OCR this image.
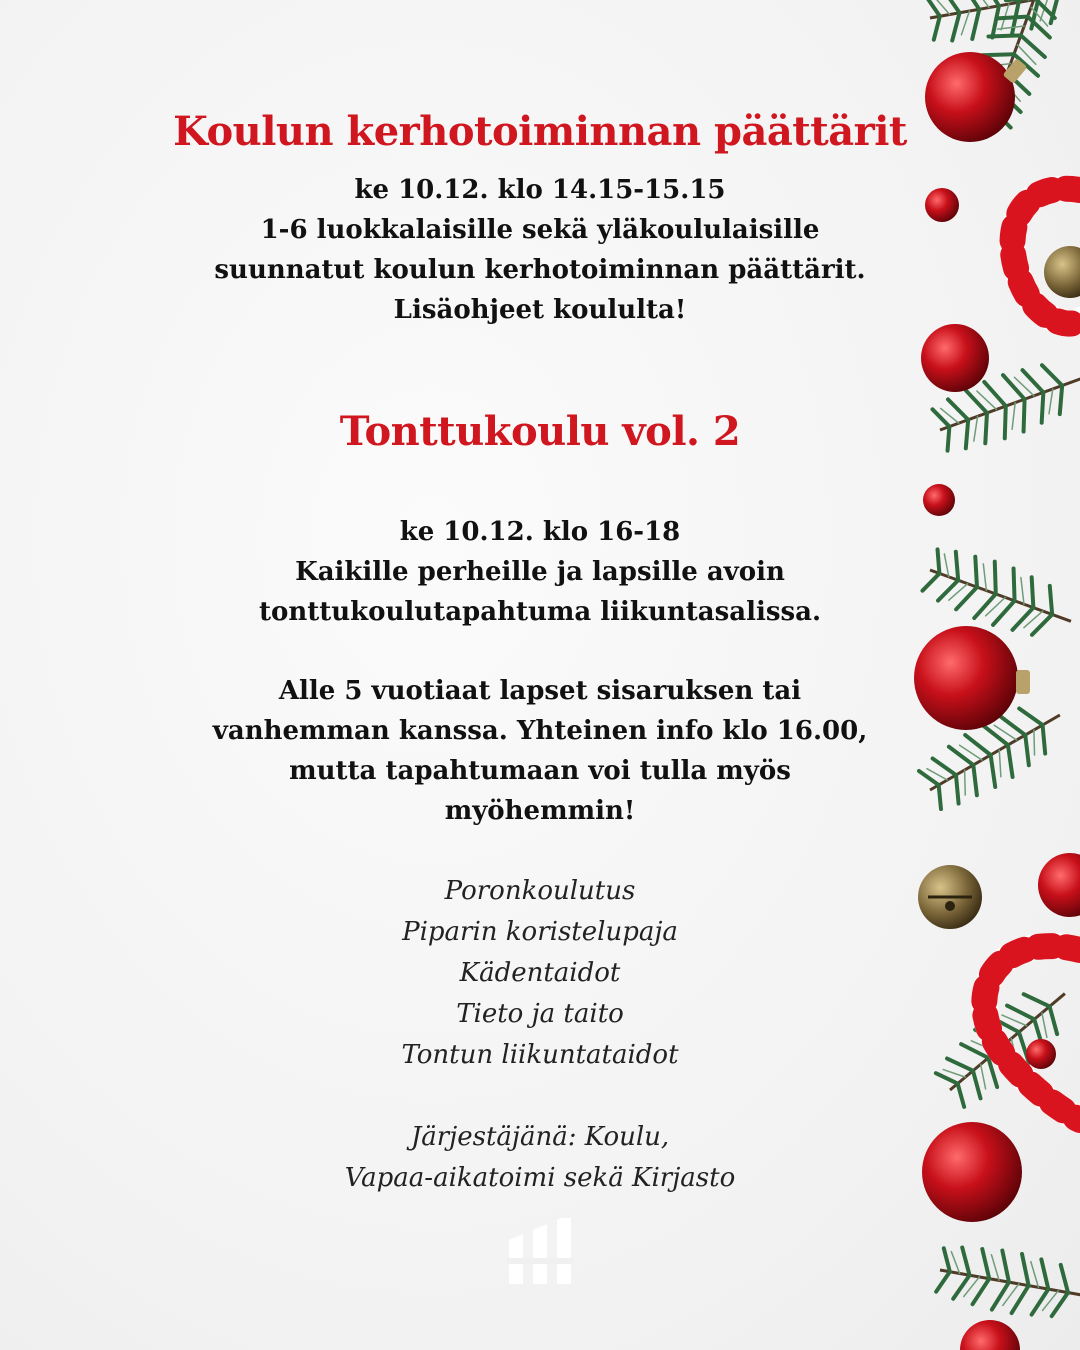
Koulun kerhotoiminnan päättärit
ke 10.12. klo 14.15-15.15
1-6 luokkalaisille sekä yläkoululaisille
suunnatut koulun kerhotoiminnan päättärit.
Lisäohjeet koululta!
Tonttukoulu vol. 2
ke 10.12. klo 16-18
Kaikille perheille ja lapsille avoin
tonttukoulutapahtuma liikuntasalissa.
Alle 5 vuotiaat lapset sisaruksen tai
vanhemman kanssa. Yhteinen info klo 16.00,
mutta tapahtumaan voi tulla myös
myöhemmin!
Poronkoulutus
Piparin koristelupaja
Kädentaidot
Tieto ja taito
Tontun liikuntataidot
Järjestäjänä: Koulu,
Vapaa-aikatoimi sekä Kirjasto
